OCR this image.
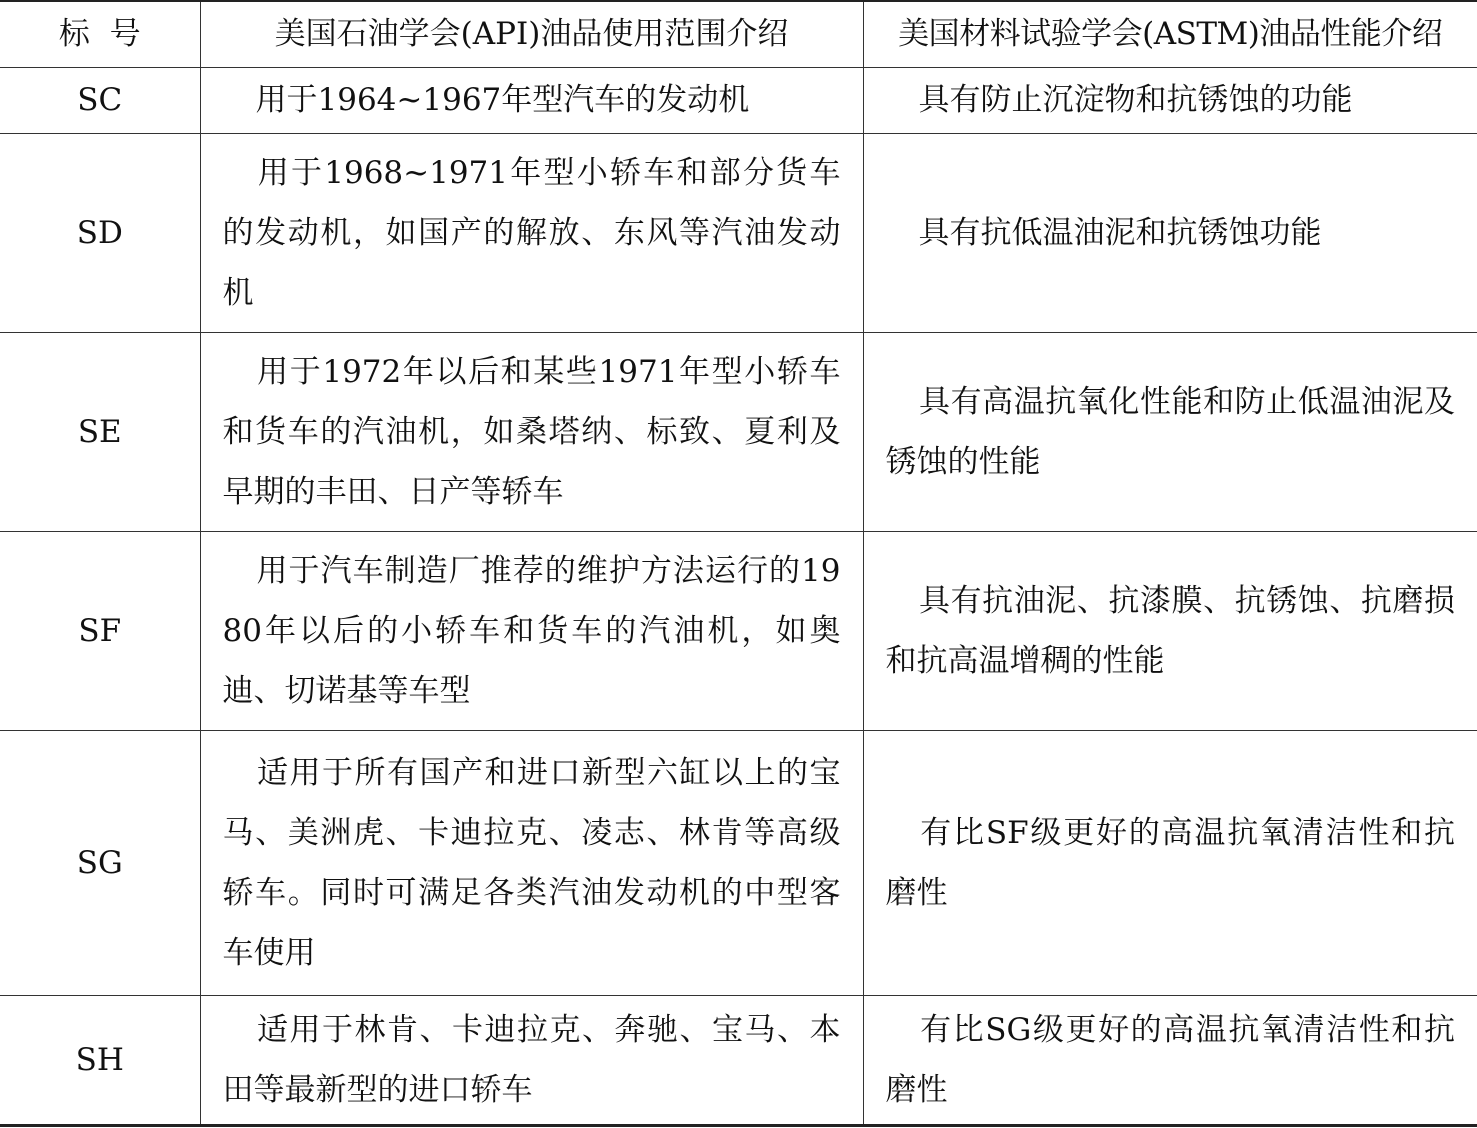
标  号	美国石油学会(API)油品使用范围介绍	美国材料试验学会(ASTM)油品性能介绍
SC	用于1964~1967年型汽车的发动机	具有防止沉淀物和抗锈蚀的功能
SD	用于1968~1971年型小轿车和部分货车的发动机，如国产的解放、东风等汽油发动机	具有抗低温油泥和抗锈蚀功能
SE	用于1972年以后和某些1971年型小轿车和货车的汽油机，如桑塔纳、标致、夏利及早期的丰田、日产等轿车	具有高温抗氧化性能和防止低温油泥及锈蚀的性能
SF	用于汽车制造厂推荐的维护方法运行的1980年以后的小轿车和货车的汽油机，如奥迪、切诺基等车型	具有抗油泥、抗漆膜、抗锈蚀、抗磨损和抗高温增稠的性能
SG	适用于所有国产和进口新型六缸以上的宝马、美洲虎、卡迪拉克、凌志、林肯等高级轿车。同时可满足各类汽油发动机的中型客车使用	有比SF级更好的高温抗氧清洁性和抗磨性
SH	适用于林肯、卡迪拉克、奔驰、宝马、本田等最新型的进口轿车	有比SG级更好的高温抗氧清洁性和抗磨性
